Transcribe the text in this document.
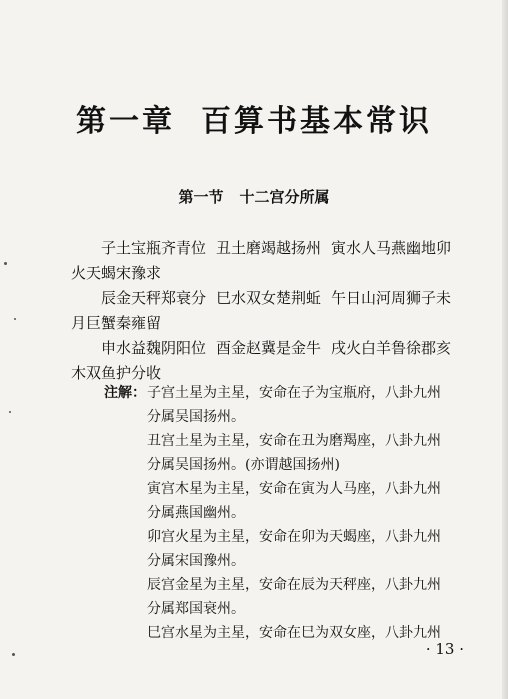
第一章 百算书基本常识
第一节 十二宫分所属
子土宝瓶齐青位 丑土磨竭越扬州 寅水人马燕幽地卯
火天蝎宋豫求
辰金天秤郑衰分 巳水双女楚荆蚯 午日山河周狮子未
月巨蟹秦雍留
申水益魏阴阳位 酉金赵冀是金牛 戌火白羊鲁徐郡亥
木双鱼护分收
注解： 子宫土星为主星，安命在子为宝瓶府，八卦九州
分属吴国扬州。
丑宫土星为主星，安命在丑为磨羯座，八卦九州
分属吴国扬州。(亦谓越国扬州)
寅宫木星为主星，安命在寅为人马座，八卦九州
分属燕国幽州。
卯宫火星为主星，安命在卯为天蝎座，八卦九州
分属宋国豫州。
辰宫金星为主星，安命在辰为天秤座，八卦九州
分属郑国衰州。
巳宫水星为主星，安命在巳为双女座，八卦九州
· 13 ·
